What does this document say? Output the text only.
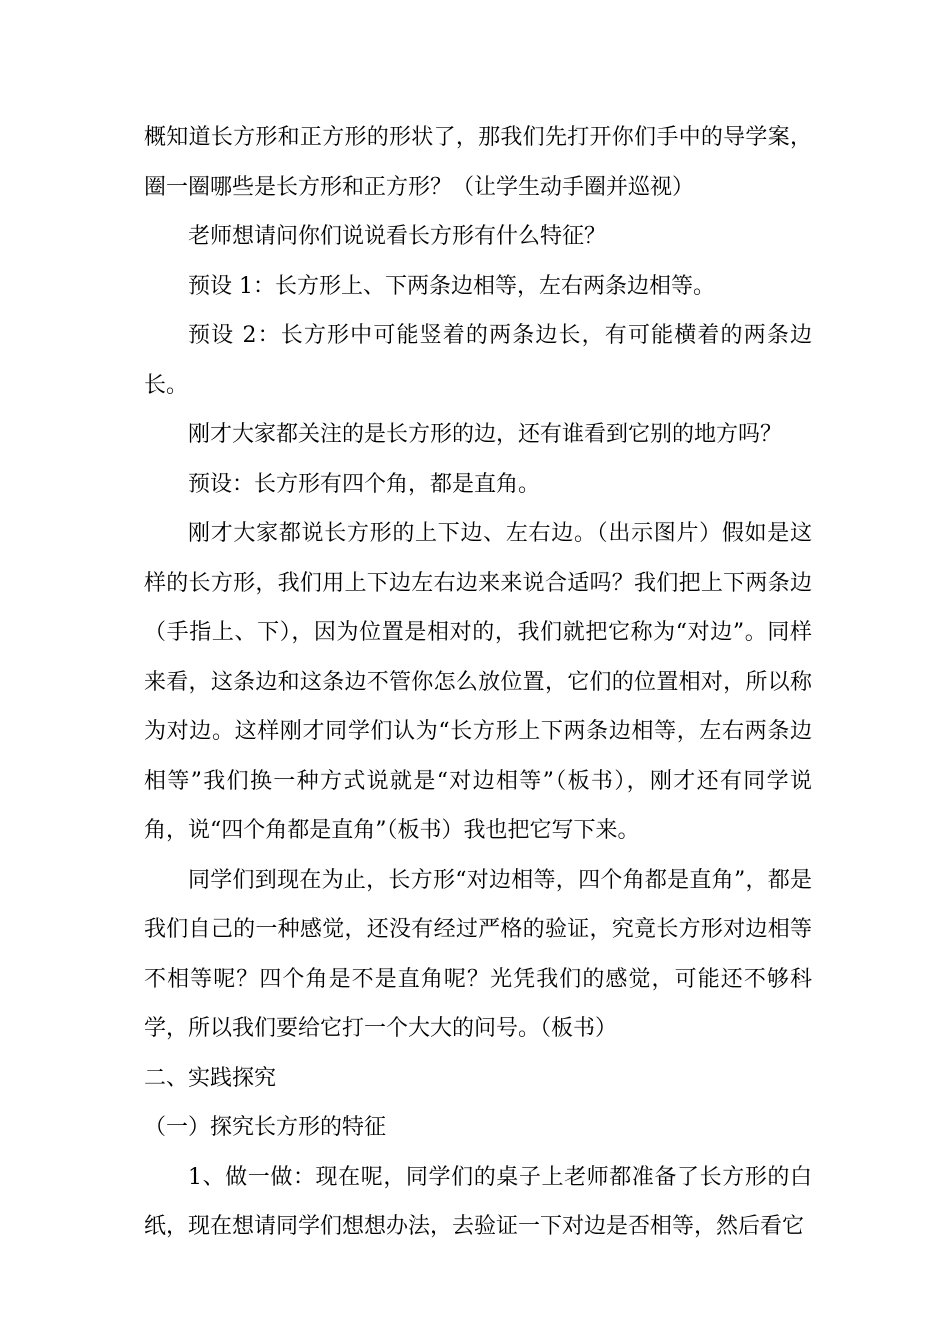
概知道长方形和正方形的形状了，那我们先打开你们手中的导学案，圈一圈哪些是长方形和正方形？（让学生动手圈并巡视）

老师想请问你们说说看长方形有什么特征？

预设 1：长方形上、下两条边相等，左右两条边相等。

预设 2：长方形中可能竖着的两条边长，有可能横着的两条边长。

刚才大家都关注的是长方形的边，还有谁看到它别的地方吗？

预设：长方形有四个角，都是直角。

刚才大家都说长方形的上下边、左右边。（出示图片）假如是这样的长方形，我们用上下边左右边来来说合适吗？我们把上下两条边（手指上、下），因为位置是相对的，我们就把它称为“对边”。同样来看，这条边和这条边不管你怎么放位置，它们的位置相对，所以称为对边。这样刚才同学们认为“长方形上下两条边相等，左右两条边相等”我们换一种方式说就是“对边相等”（板书），刚才还有同学说角，说“四个角都是直角”（板书）我也把它写下来。

同学们到现在为止，长方形“对边相等，四个角都是直角”，都是我们自己的一种感觉，还没有经过严格的验证，究竟长方形对边相等不相等呢？四个角是不是直角呢？光凭我们的感觉，可能还不够科学，所以我们要给它打一个大大的问号。（板书）

二、实践探究

（一）探究长方形的特征

1、做一做：现在呢，同学们的桌子上老师都准备了长方形的白纸，现在想请同学们想想办法，去验证一下对边是否相等，然后看它
